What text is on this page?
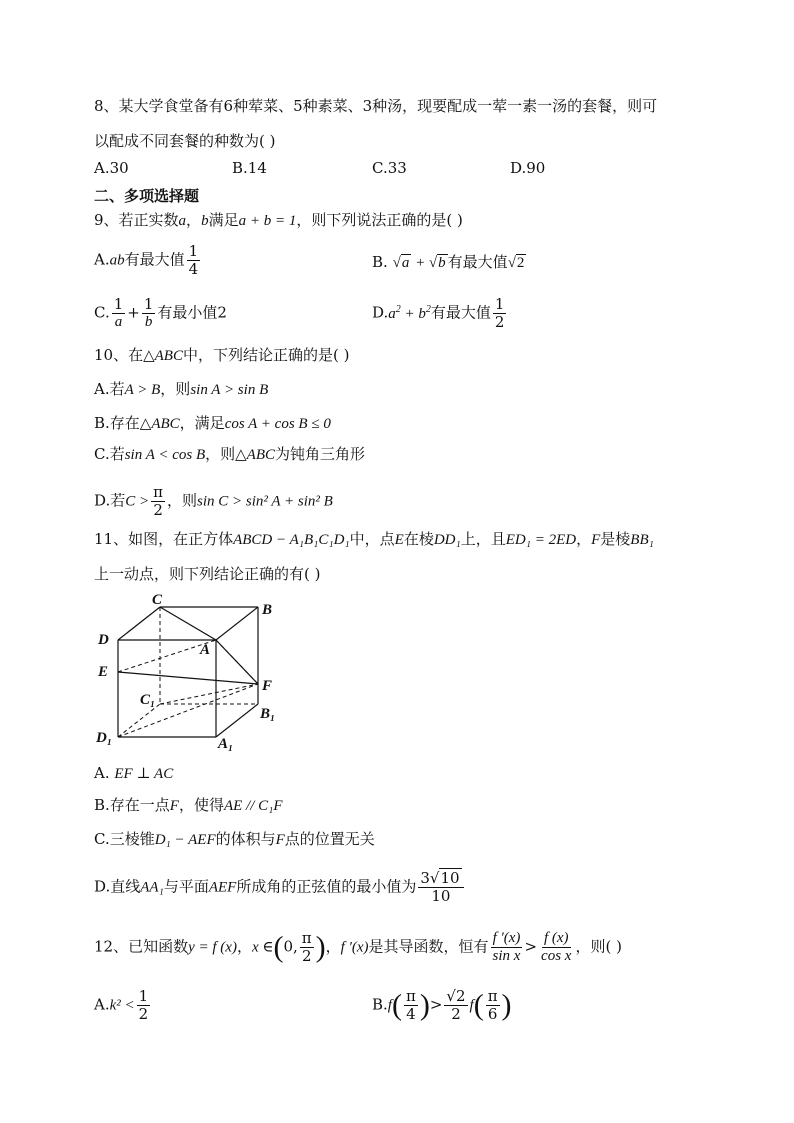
8、某大学食堂备有6种荤菜、5种素菜、3种汤，现要配成一荤一素一汤的套餐，则可
以配成不同套餐的种数为( )
A.30	B.14	C.33	D.90
二、多项选择题
9、若正实数a，b满足a + b = 1，则下列说法正确的是( )
A.ab有最大值 $\frac{1}{4}$	B. √a + √b 有最大值√2
C. $\frac{1}{a} + \frac{1}{b}$ 有最小值2	$D.a^2 + b^2$有最大值 $\frac{1}{2}$
10、在△ABC中，下列结论正确的是( )
A.若A > B，则sin A > sin B
B.存在△ABC，满足cos A + cos B ≤ 0
C.若sin A < cos B，则△ABC为钝角三角形
D.若$C > \frac{\pi}{2}$ ，则sin C > sin² A + sin² B
11、如图，在正方体ABCD − A₁B₁C₁D₁中，点E在棱DD₁上，且ED₁ = 2ED，F是棱BB₁
上一动点，则下列结论正确的有( )
C
B
D
A
E
F
C₁
B₁
D₁	A₁
A. EF ⊥ AC
B.存在一点F，使得AE // C₁F
C.三棱锥D₁ − AEF的体积与F点的位置无关
D.直线AA₁与平面AEF所成角的正弦值的最小值为 $\frac{3√10}{10}$
12、已知函数y = f (x)，x ∈(0, $\frac{\pi}{2}$ )，f ′(x)是其导函数，恒有 $\frac{f '(x)}{\text{sin x}} > \frac{f (x)}{\text{cos x}}$ ，则( )
$A.k^2 < \frac{1}{2}$	$B.f( \frac{\pi}{4}$ )> $\frac{√2}{2} f( \frac{\pi}{6}$ )
